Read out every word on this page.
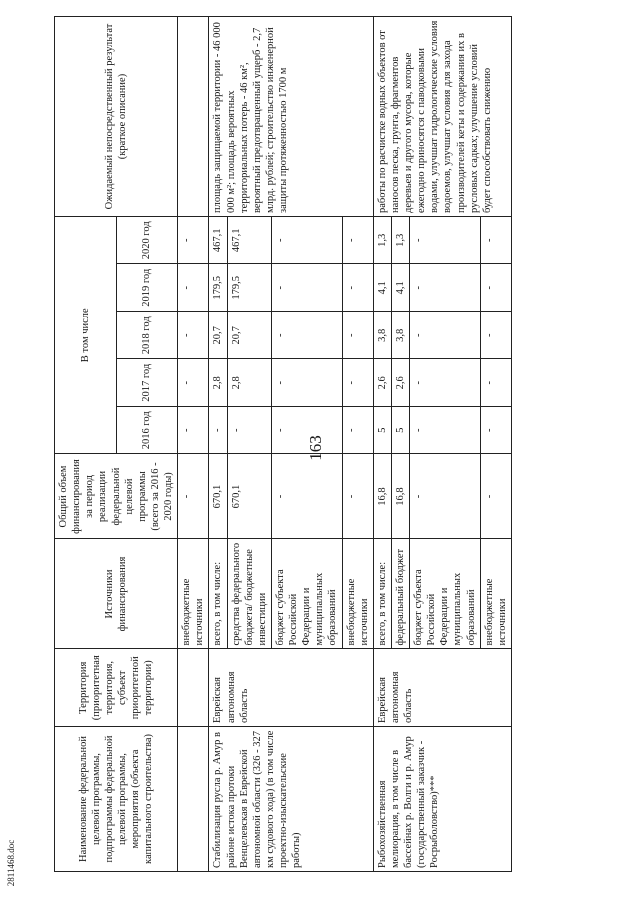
163
2811468.doc
Наименование федеральной целевой программы, подпрограммы федеральной целевой программы, мероприятия (объекта капитального строительства)	Территория (приоритетная территория, субъект приоритетной территории)	Источники финансирования	Общий объем финансирования за период реализации федеральной целевой программы (всего за 2016 - 2020 годы)	В том числе					Ожидаемый непосредственный результат (краткое описание)
				2016 год	2017 год	2018 год	2019 год	2020 год	
		внебюджетные источники	-	-	-	-	-	-	
Стабилизация русла р. Амур в районе истока протоки Венцелевская в Еврейской автономной области (326 - 327 км судового хода) (в том числе проектно-изыскательские работы)	Еврейская автономная область	всего, в том числе:	670,1	-	2,8	20,7	179,5	467,1	площадь защищаемой территории - 46 000 000 м²; площадь вероятных территориальных потерь - 46 км², вероятный предотвращенный ущерб - 2,7 млрд. рублей; строительство инженерной защиты протяженностью 1700 м
		средства федерального бюджета/ бюджетные инвестиции	670,1	-	2,8	20,7	179,5	467,1	
		бюджет субъекта Российской Федерации и муниципальных образований	-	-	-	-	-	-	
		внебюджетные источники	-	-	-	-	-	-	
Рыбохозяйственная мелиорация, в том числе в бассейнах р. Волги и р. Амур (государственный заказчик - Росрыболовство)***	Еврейская автономная область	всего, в том числе:	16,8	5	2,6	3,8	4,1	1,3	работы по расчистке водных объектов от наносов песка, грунта, фрагментов деревьев и другого мусора, которые ежегодно приносятся с паводковыми водами, улучшат гидрологические условия водоемов, улучшат условия для захода производителей кеты и содержания их в русловых садках; улучшение условий будет способствовать снижению
		федеральный бюджет	16,8	5	2,6	3,8	4,1	1,3	
		бюджет субъекта Российской Федерации и муниципальных образований	-	-	-	-	-	-	
		внебюджетные источники	-	-	-	-	-	-	
